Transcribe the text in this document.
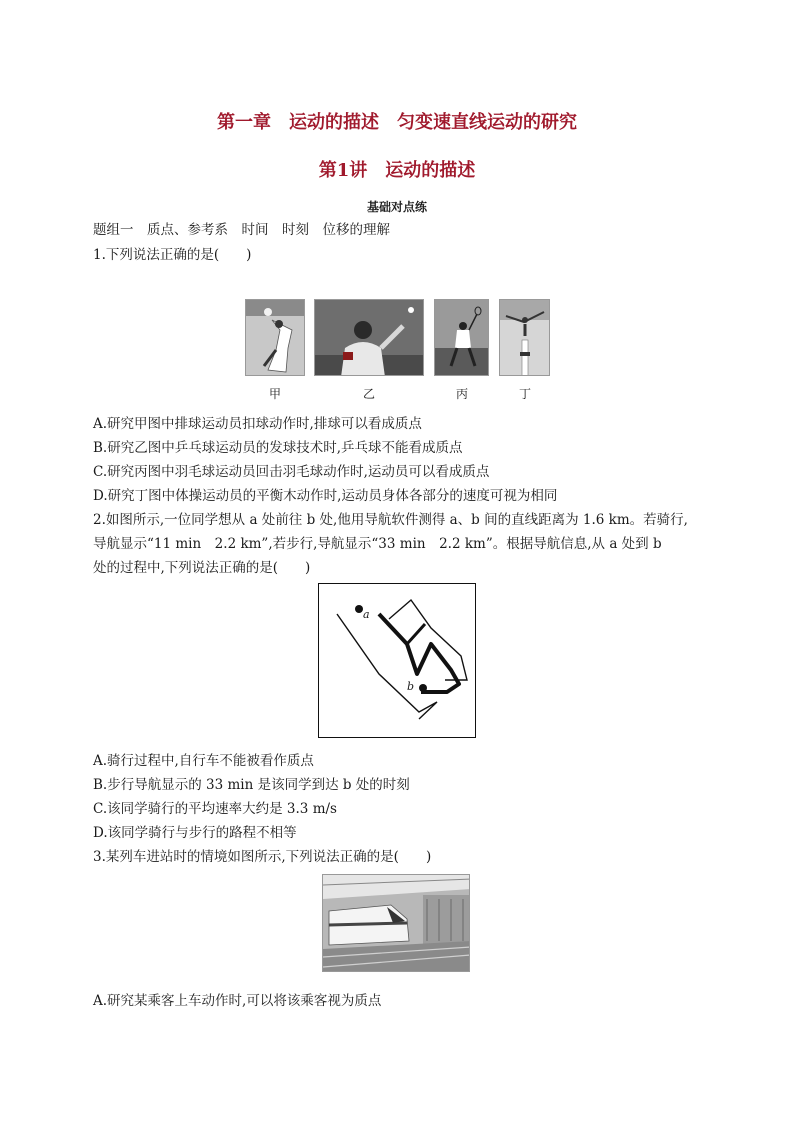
第一章　运动的描述　匀变速直线运动的研究
第1讲　运动的描述
基础对点练
题组一　质点、参考系　时间　时刻　位移的理解
1.下列说法正确的是(　　)
甲	乙	丙	丁
A.研究甲图中排球运动员扣球动作时,排球可以看成质点
B.研究乙图中乒乓球运动员的发球技术时,乒乓球不能看成质点
C.研究丙图中羽毛球运动员回击羽毛球动作时,运动员可以看成质点
D.研究丁图中体操运动员的平衡木动作时,运动员身体各部分的速度可视为相同
2.如图所示,一位同学想从 a 处前往 b 处,他用导航软件测得 a、b 间的直线距离为 1.6 km。若骑行,
导航显示“11 min　2.2 km”,若步行,导航显示“33 min　2.2 km”。根据导航信息,从 a 处到 b
处的过程中,下列说法正确的是(　　)
a
b
A.骑行过程中,自行车不能被看作质点
B.步行导航显示的 33 min 是该同学到达 b 处的时刻
C.该同学骑行的平均速率大约是 3.3 m/s
D.该同学骑行与步行的路程不相等
3.某列车进站时的情境如图所示,下列说法正确的是(　　)
A.研究某乘客上车动作时,可以将该乘客视为质点
